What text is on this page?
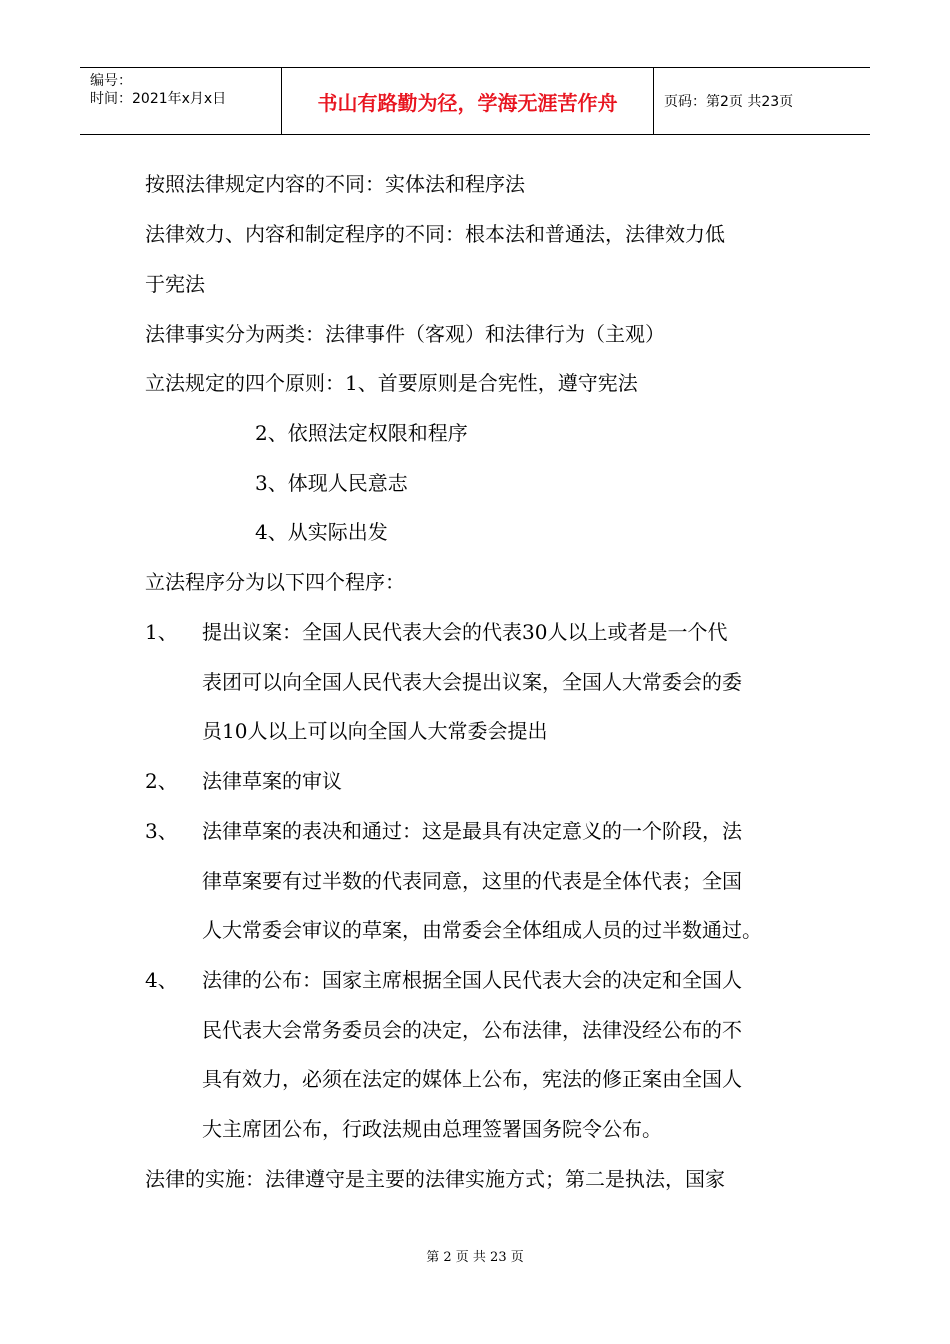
编号：
时间：2021年x月x日	书山有路勤为径，学海无涯苦作舟	页码：第2页 共23页
按照法律规定内容的不同：实体法和程序法
法律效力、内容和制定程序的不同：根本法和普通法，法律效力低
于宪法
法律事实分为两类：法律事件（客观）和法律行为（主观）
立法规定的四个原则：1、首要原则是合宪性，遵守宪法
2、依照法定权限和程序
3、体现人民意志
4、从实际出发
立法程序分为以下四个程序：
1、 提出议案：全国人民代表大会的代表30人以上或者是一个代
表团可以向全国人民代表大会提出议案，全国人大常委会的委
员10人以上可以向全国人大常委会提出
2、 法律草案的审议
3、 法律草案的表决和通过：这是最具有决定意义的一个阶段，法
律草案要有过半数的代表同意，这里的代表是全体代表；全国
人大常委会审议的草案，由常委会全体组成人员的过半数通过。
4、 法律的公布：国家主席根据全国人民代表大会的决定和全国人
民代表大会常务委员会的决定，公布法律，法律没经公布的不
具有效力，必须在法定的媒体上公布，宪法的修正案由全国人
大主席团公布，行政法规由总理签署国务院令公布。
法律的实施：法律遵守是主要的法律实施方式；第二是执法，国家
第 2 页 共 23 页
